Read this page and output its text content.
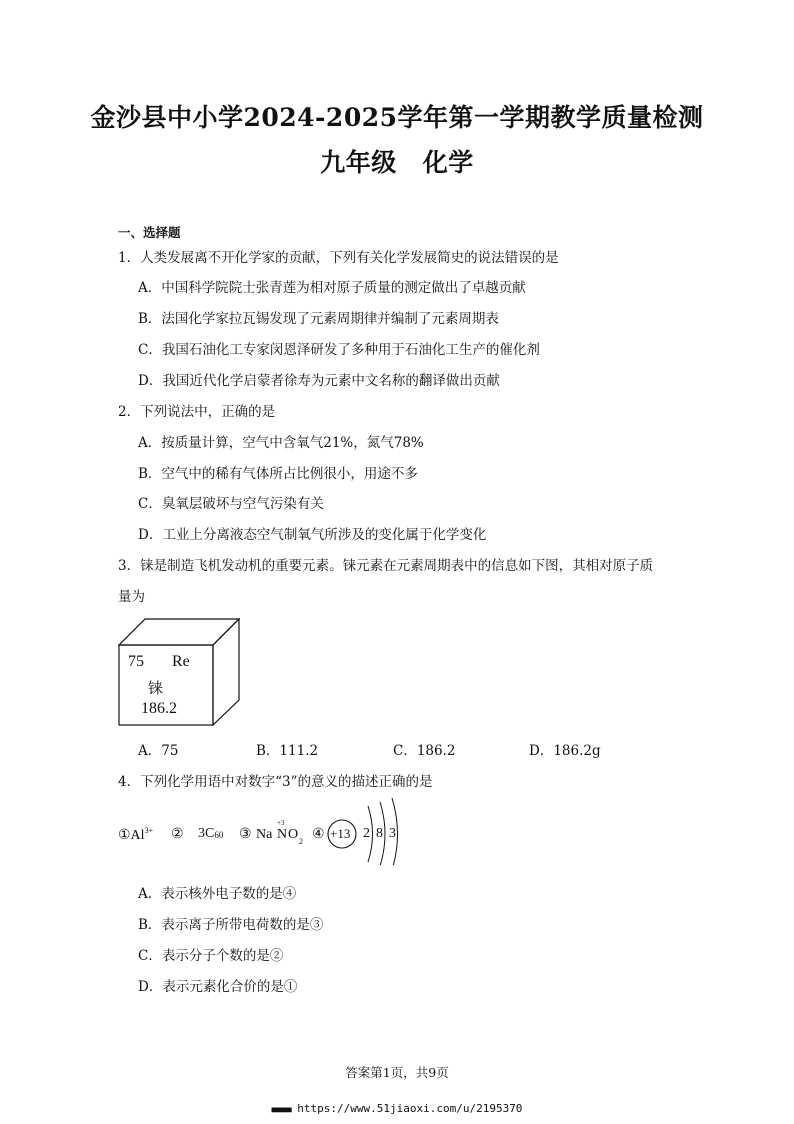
金沙县中小学2024-2025学年第一学期教学质量检测
九年级 化学
一、选择题
1．人类发展离不开化学家的贡献，下列有关化学发展简史的说法错误的是
A．中国科学院院士张青莲为相对原子质量的测定做出了卓越贡献
B．法国化学家拉瓦锡发现了元素周期律并编制了元素周期表
C．我国石油化工专家闵恩泽研发了多种用于石油化工生产的催化剂
D．我国近代化学启蒙者徐寿为元素中文名称的翻译做出贡献
2．下列说法中，正确的是
A．按质量计算，空气中含氧气21%，氮气78%
B．空气中的稀有气体所占比例很小，用途不多
C．臭氧层破坏与空气污染有关
D．工业上分离液态空气制氧气所涉及的变化属于化学变化
3．铼是制造飞机发动机的重要元素。铼元素在元素周期表中的信息如下图，其相对原子质
量为
75 Re
铼
186.2
A．75	B．111.2	C．186.2	D．186.2g
4．下列化学用语中对数字“3”的意义的描述正确的是
$①Al^{3+}$ ② $3C_{60}$ ③ Na N
+3
O 2 ④ +13 2 8 3
A．表示核外电子数的是④
B．表示离子所带电荷数的是③
C．表示分子个数的是②
D．表示元素化合价的是①
答案第1页，共9页
■■■■■ https://www.51jiaoxi.com/u/2195370
